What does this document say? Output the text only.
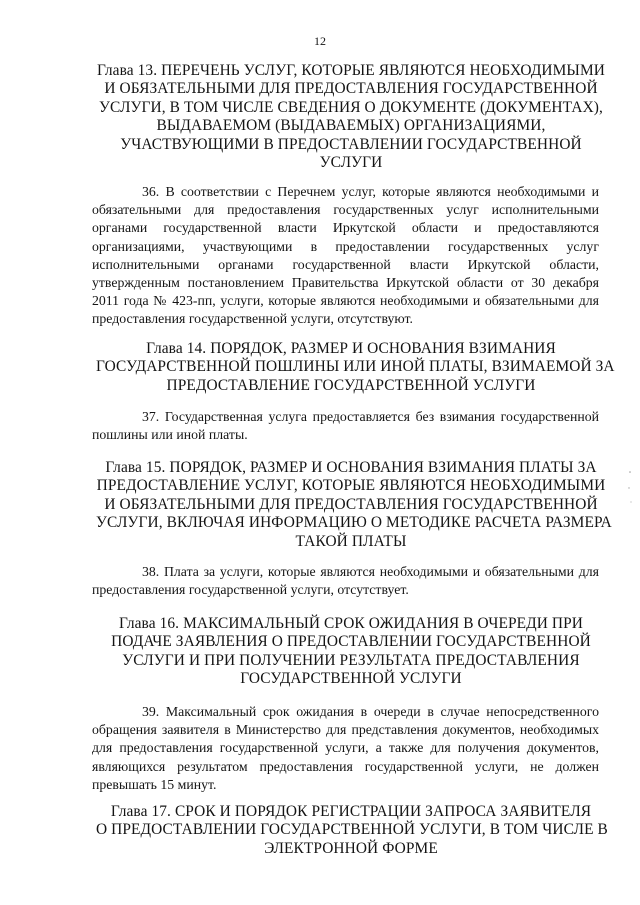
12
Глава 13. ПЕРЕЧЕНЬ УСЛУГ, КОТОРЫЕ ЯВЛЯЮТСЯ НЕОБХОДИМЫМИ
И ОБЯЗАТЕЛЬНЫМИ ДЛЯ ПРЕДОСТАВЛЕНИЯ ГОСУДАРСТВЕННОЙ
УСЛУГИ, В ТОМ ЧИСЛЕ СВЕДЕНИЯ О ДОКУМЕНТЕ (ДОКУМЕНТАХ),
ВЫДАВАЕМОМ (ВЫДАВАЕМЫХ) ОРГАНИЗАЦИЯМИ,
УЧАСТВУЮЩИМИ В ПРЕДОСТАВЛЕНИИ ГОСУДАРСТВЕННОЙ
УСЛУГИ

36. В соответствии с Перечнем услуг, которые являются необходимыми и обязательными для предоставления государственных услуг исполнительными органами государственной власти Иркутской области и предоставляются организациями, участвующими в предоставлении государственных услуг исполнительными органами государственной власти Иркутской области, утвержденным постановлением Правительства Иркутской области от 30 декабря 2011 года № 423-пп, услуги, которые являются необходимыми и обязательными для предоставления государственной услуги, отсутствуют.

Глава 14. ПОРЯДОК, РАЗМЕР И ОСНОВАНИЯ ВЗИМАНИЯ
ГОСУДАРСТВЕННОЙ ПОШЛИНЫ ИЛИ ИНОЙ ПЛАТЫ, ВЗИМАЕМОЙ ЗА
ПРЕДОСТАВЛЕНИЕ ГОСУДАРСТВЕННОЙ УСЛУГИ

37. Государственная услуга предоставляется без взимания государственной пошлины или иной платы.

Глава 15. ПОРЯДОК, РАЗМЕР И ОСНОВАНИЯ ВЗИМАНИЯ ПЛАТЫ ЗА
ПРЕДОСТАВЛЕНИЕ УСЛУГ, КОТОРЫЕ ЯВЛЯЮТСЯ НЕОБХОДИМЫМИ
И ОБЯЗАТЕЛЬНЫМИ ДЛЯ ПРЕДОСТАВЛЕНИЯ ГОСУДАРСТВЕННОЙ
УСЛУГИ, ВКЛЮЧАЯ ИНФОРМАЦИЮ О МЕТОДИКЕ РАСЧЕТА РАЗМЕРА
ТАКОЙ ПЛАТЫ

38. Плата за услуги, которые являются необходимыми и обязательными для предоставления государственной услуги, отсутствует.

Глава 16. МАКСИМАЛЬНЫЙ СРОК ОЖИДАНИЯ В ОЧЕРЕДИ ПРИ
ПОДАЧЕ ЗАЯВЛЕНИЯ О ПРЕДОСТАВЛЕНИИ ГОСУДАРСТВЕННОЙ
УСЛУГИ И ПРИ ПОЛУЧЕНИИ РЕЗУЛЬТАТА ПРЕДОСТАВЛЕНИЯ
ГОСУДАРСТВЕННОЙ УСЛУГИ

39. Максимальный срок ожидания в очереди в случае непосредственного обращения заявителя в Министерство для представления документов, необходимых для предоставления государственной услуги, а также для получения документов, являющихся результатом предоставления государственной услуги, не должен превышать 15 минут.

Глава 17. СРОК И ПОРЯДОК РЕГИСТРАЦИИ ЗАПРОСА ЗАЯВИТЕЛЯ
О ПРЕДОСТАВЛЕНИИ ГОСУДАРСТВЕННОЙ УСЛУГИ, В ТОМ ЧИСЛЕ В
ЭЛЕКТРОННОЙ ФОРМЕ
